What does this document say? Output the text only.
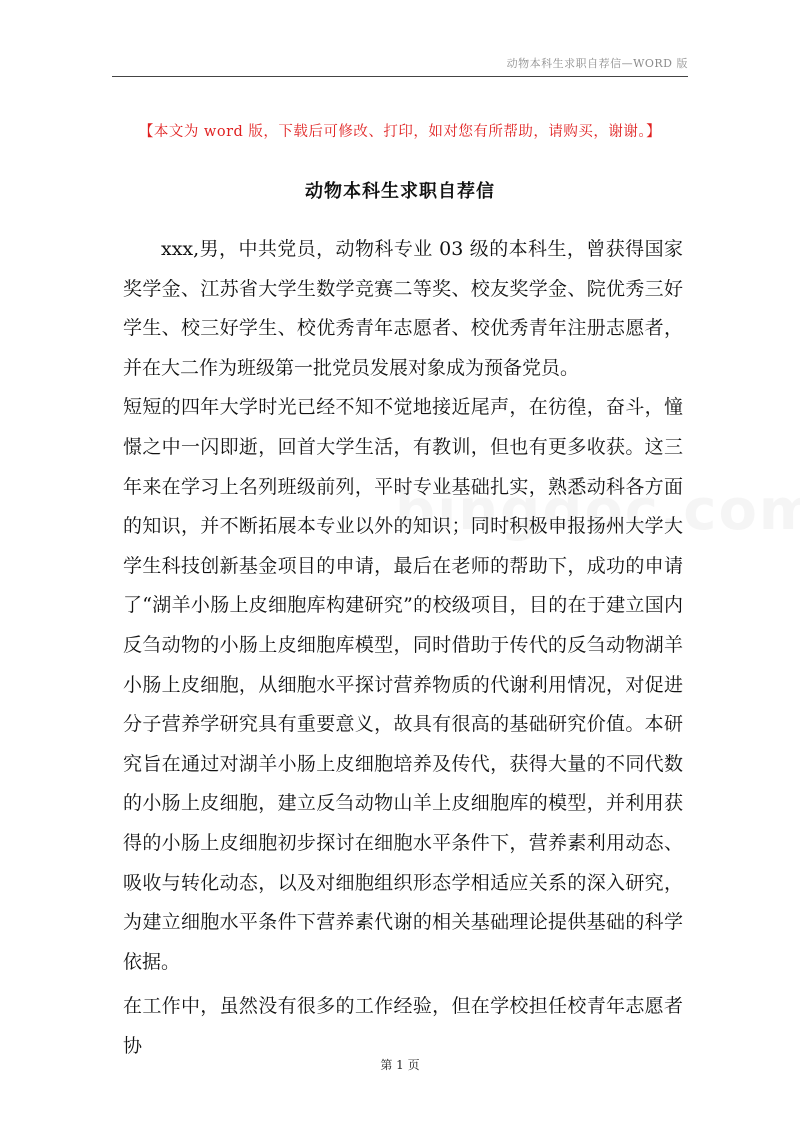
动物本科生求职自荐信—WORD 版
【本文为 word 版，下载后可修改、打印，如对您有所帮助，请购买，谢谢。】
动物本科生求职自荐信

xxx,男，中共党员，动物科专业 03 级的本科生，曾获得国家奖学金、江苏省大学生数学竞赛二等奖、校友奖学金、院优秀三好学生、校三好学生、校优秀青年志愿者、校优秀青年注册志愿者，并在大二作为班级第一批党员发展对象成为预备党员。

短短的四年大学时光已经不知不觉地接近尾声，在彷徨，奋斗，憧憬之中一闪即逝，回首大学生活，有教训，但也有更多收获。这三年来在学习上名列班级前列，平时专业基础扎实，熟悉动科各方面的知识，并不断拓展本专业以外的知识；同时积极申报扬州大学大学生科技创新基金项目的申请，最后在老师的帮助下，成功的申请了“湖羊小肠上皮细胞库构建研究”的校级项目，目的在于建立国内反刍动物的小肠上皮细胞库模型，同时借助于传代的反刍动物湖羊小肠上皮细胞，从细胞水平探讨营养物质的代谢利用情况，对促进分子营养学研究具有重要意义，故具有很高的基础研究价值。本研究旨在通过对湖羊小肠上皮细胞培养及传代，获得大量的不同代数的小肠上皮细胞，建立反刍动物山羊上皮细胞库的模型，并利用获得的小肠上皮细胞初步探讨在细胞水平条件下，营养素利用动态、吸收与转化动态，以及对细胞组织形态学相适应关系的深入研究，为建立细胞水平条件下营养素代谢的相关基础理论提供基础的科学依据。

在工作中，虽然没有很多的工作经验，但在学校担任校青年志愿者协

第 1 页
